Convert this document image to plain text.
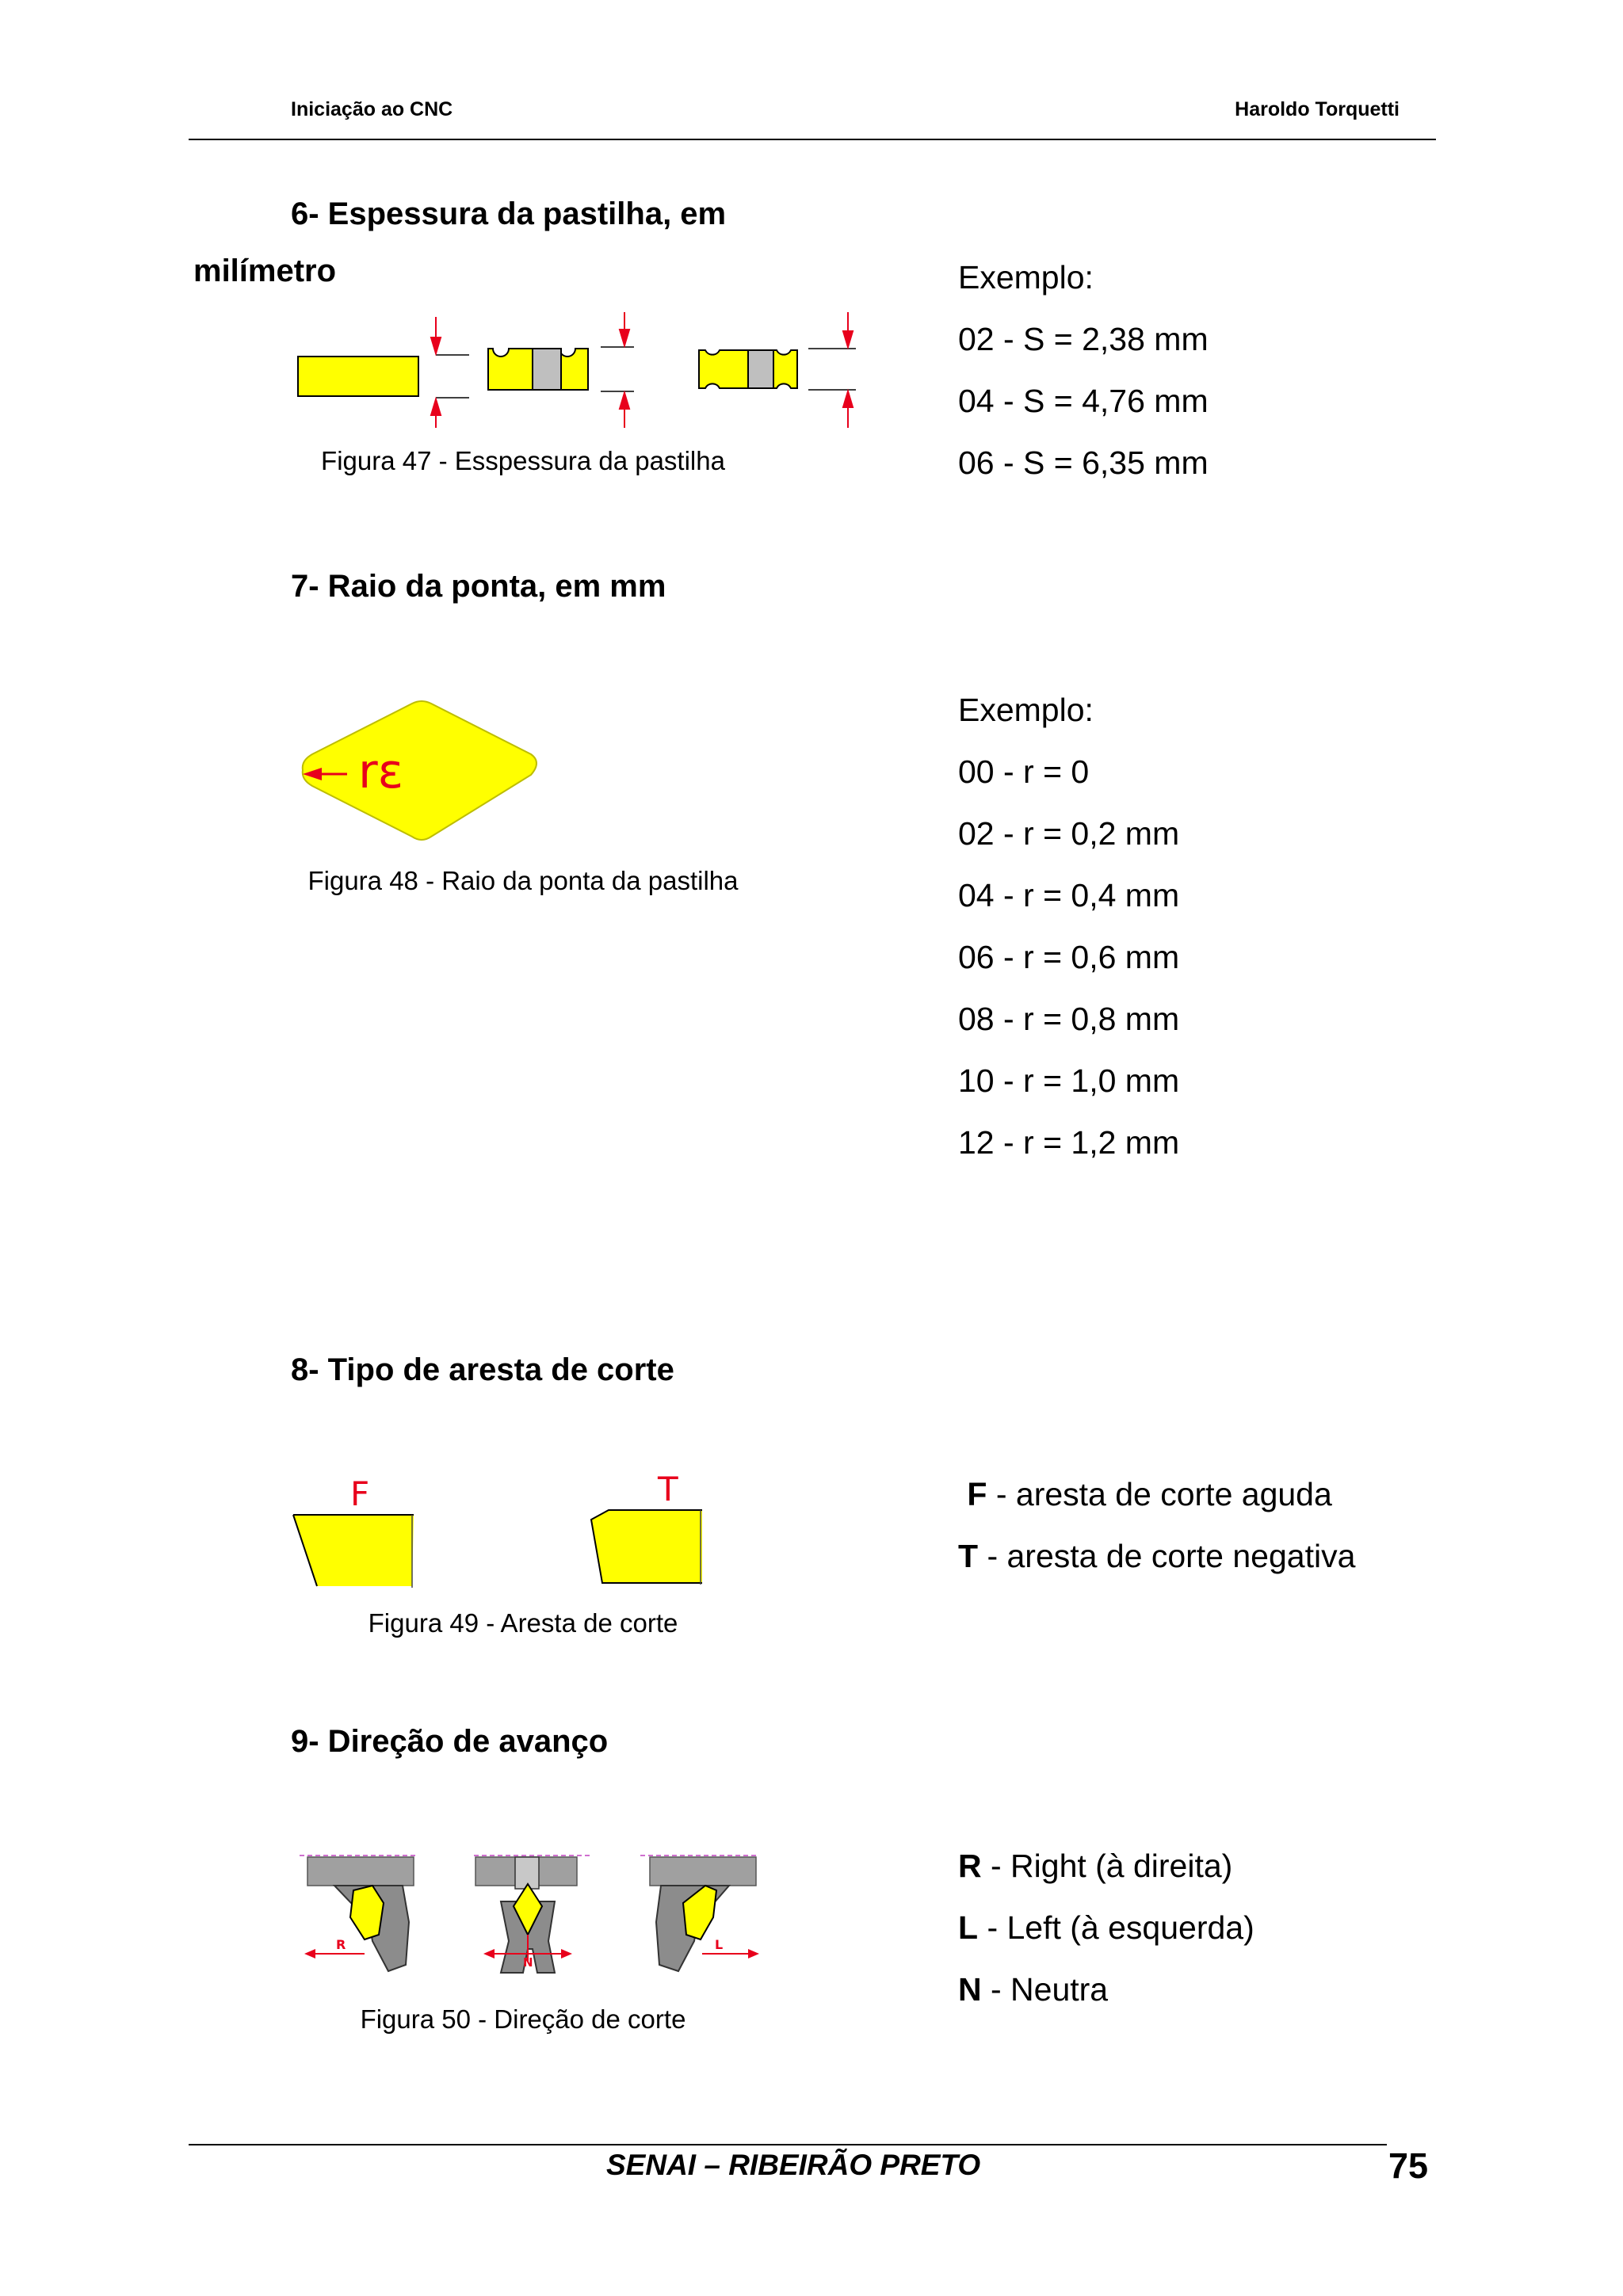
Iniciação ao CNC	Haroldo Torquetti
6- Espessura da pastilha, em
milímetro
Figura 47 - Esspessura da pastilha
Exemplo:
02 - S = 2,38 mm
04 - S = 4,76 mm
06 - S = 6,35 mm
7- Raio da ponta, em mm
rε
Figura 48 - Raio da ponta da pastilha
Exemplo:
00 - r = 0
02 - r = 0,2 mm
04 - r = 0,4 mm
06 - r = 0,6 mm
08 - r = 0,8 mm
10 - r = 1,0 mm
12 - r = 1,2 mm
8- Tipo de aresta de corte
F	T
Figura 49 - Aresta de corte
F - aresta de corte aguda
T - aresta de corte negativa
9- Direção de avanço
R
N
L
Figura 50 - Direção de corte
R - Right (à direita)
L - Left (à esquerda)
N - Neutra
SENAI – RIBEIRÃO PRETO	75
